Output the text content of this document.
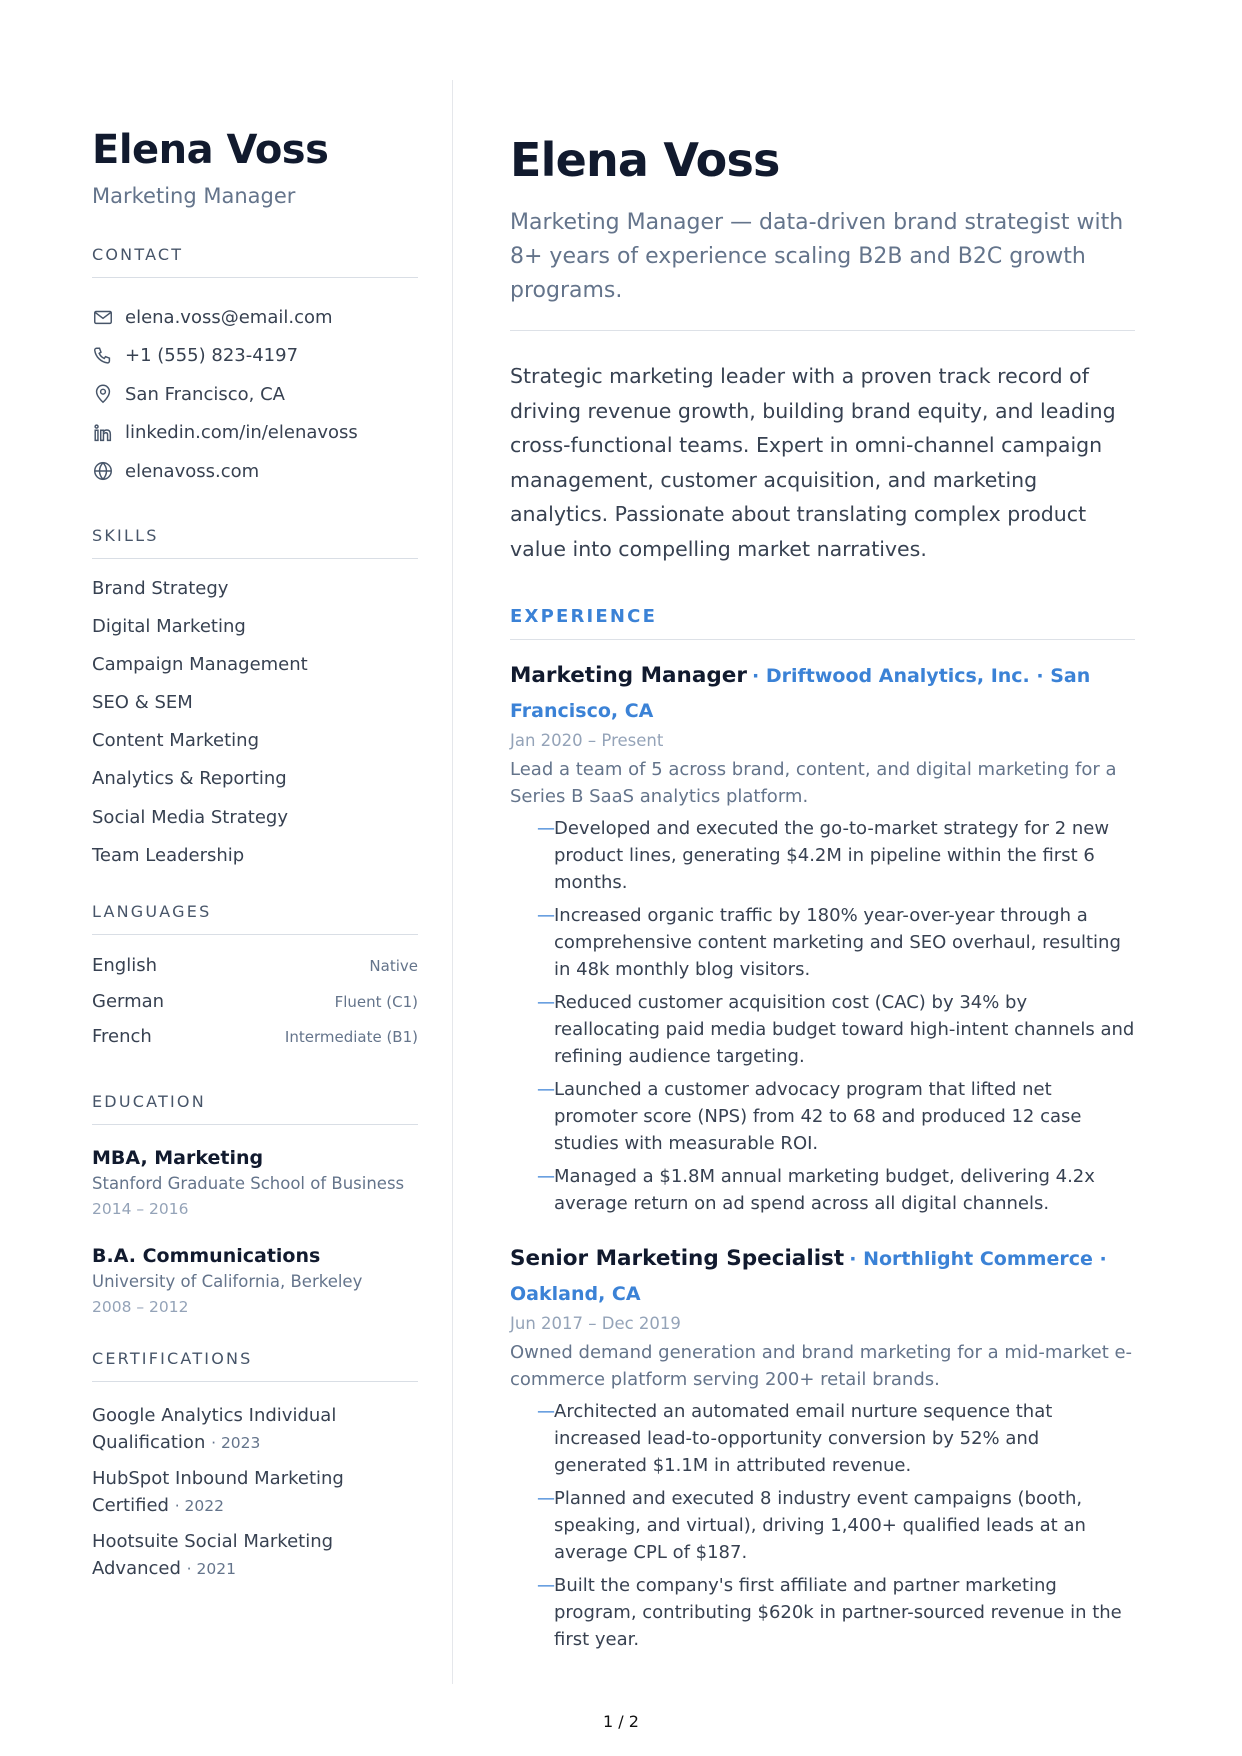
Elena Voss
Marketing Manager
CONTACT
elena.voss@email.com
+1 (555) 823-4197
San Francisco, CA
linkedin.com/in/elenavoss
elenavoss.com
SKILLS
Brand Strategy
Digital Marketing
Campaign Management
SEO & SEM
Content Marketing
Analytics & Reporting
Social Media Strategy
Team Leadership
LANGUAGES
English	Native
German	Fluent (C1)
French	Intermediate (B1)
EDUCATION
MBA, Marketing
Stanford Graduate School of Business
2014 – 2016
B.A. Communications
University of California, Berkeley
2008 – 2012
CERTIFICATIONS
Google Analytics Individual Qualification · 2023
HubSpot Inbound Marketing Certified · 2022
Hootsuite Social Marketing Advanced · 2021
Elena Voss
Marketing Manager — data-driven brand strategist with 8+ years of experience scaling B2B and B2C growth programs.
Strategic marketing leader with a proven track record of driving revenue growth, building brand equity, and leading cross-functional teams. Expert in omni-channel campaign management, customer acquisition, and marketing analytics. Passionate about translating complex product value into compelling market narratives.
EXPERIENCE
Marketing Manager · Driftwood Analytics, Inc. · San Francisco, CA
Jan 2020 – Present
Lead a team of 5 across brand, content, and digital marketing for a Series B SaaS analytics platform.
— Developed and executed the go-to-market strategy for 2 new product lines, generating $4.2M in pipeline within the first 6 months.
— Increased organic traffic by 180% year-over-year through a comprehensive content marketing and SEO overhaul, resulting in 48k monthly blog visitors.
— Reduced customer acquisition cost (CAC) by 34% by reallocating paid media budget toward high-intent channels and refining audience targeting.
— Launched a customer advocacy program that lifted net promoter score (NPS) from 42 to 68 and produced 12 case studies with measurable ROI.
— Managed a $1.8M annual marketing budget, delivering 4.2x average return on ad spend across all digital channels.
Senior Marketing Specialist · Northlight Commerce · Oakland, CA
Jun 2017 – Dec 2019
Owned demand generation and brand marketing for a mid-market e-commerce platform serving 200+ retail brands.
— Architected an automated email nurture sequence that increased lead-to-opportunity conversion by 52% and generated $1.1M in attributed revenue.
— Planned and executed 8 industry event campaigns (booth, speaking, and virtual), driving 1,400+ qualified leads at an average CPL of $187.
— Built the company's first affiliate and partner marketing program, contributing $620k in partner-sourced revenue in the first year.
1 / 2
